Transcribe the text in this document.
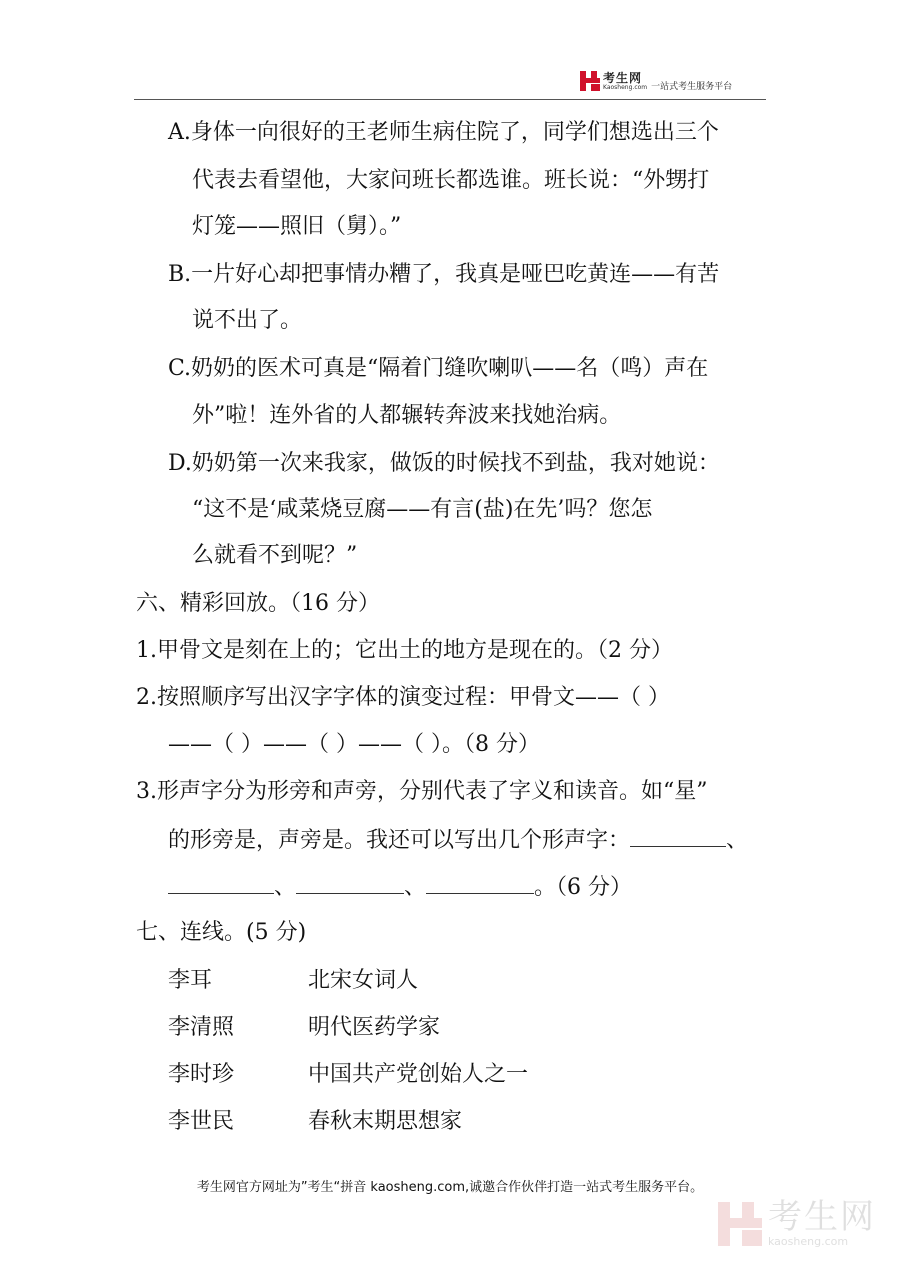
考生网
Kaosheng.com 一站式考生服务平台
A.身体一向很好的王老师生病住院了，同学们想选出三个
代表去看望他，大家问班长都选谁。班长说：“外甥打
灯笼——照旧（舅）。”
B.一片好心却把事情办糟了，我真是哑巴吃黄连——有苦
说不出了。
C.奶奶的医术可真是“隔着门缝吹喇叭——名（鸣）声在
外”啦！连外省的人都辗转奔波来找她治病。
D.奶奶第一次来我家，做饭的时候找不到盐，我对她说：
“这不是‘咸菜烧豆腐——有言(盐)在先’吗？您怎
么就看不到呢？”
六、精彩回放。（16 分）
1.甲骨文是刻在上的；它出土的地方是现在的。（2 分）
2.按照顺序写出汉字字体的演变过程：甲骨文——（ ）
——（ ）——（ ）——（ ）。（8 分）
3.形声字分为形旁和声旁，分别代表了字义和读音。如“星”
的形旁是，声旁是。我还可以写出几个形声字：	、
、	、	。（6 分）
七、连线。(5 分)
李耳	北宋女词人
李清照	明代医药学家
李时珍	中国共产党创始人之一
李世民	春秋末期思想家
考生网官方网址为”考生“拼音 kaosheng.com,诚邀合作伙伴打造一站式考生服务平台。
考生网
kaosheng.com
